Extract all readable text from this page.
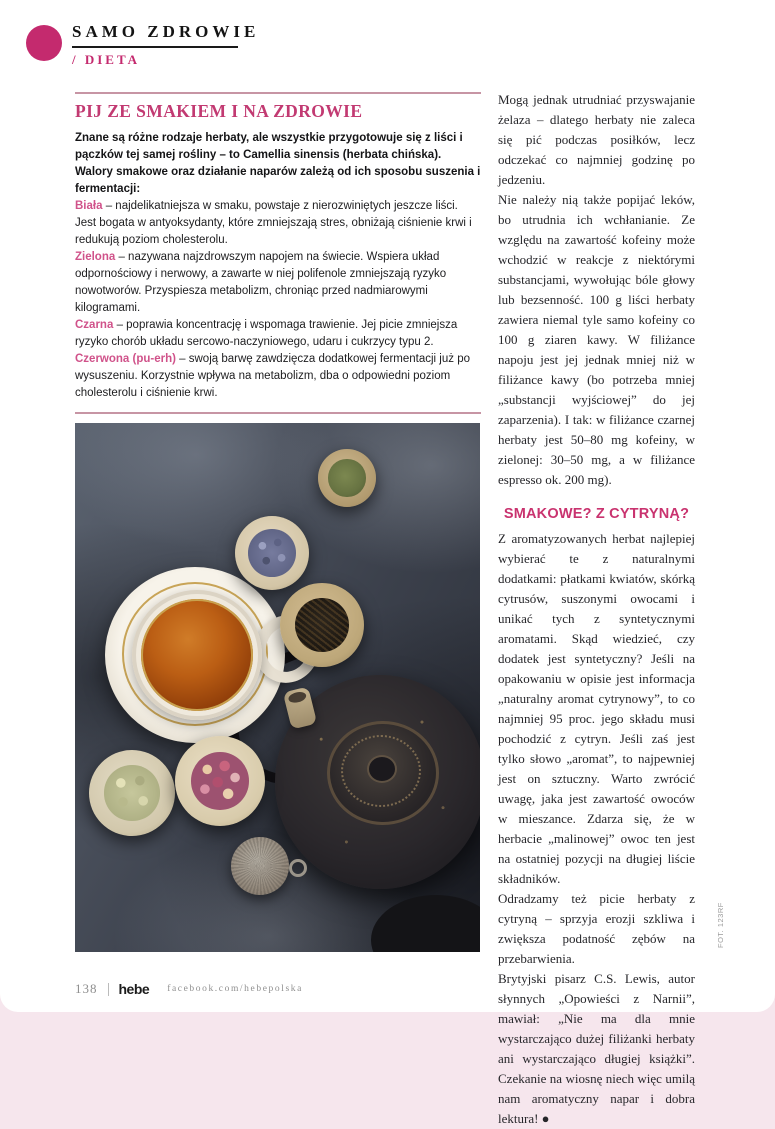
SAMO ZDROWIE
/ DIETA
PIJ ZE SMAKIEM I NA ZDROWIE

Znane są różne rodzaje herbaty, ale wszystkie przygotowuje się z liści i pączków tej samej rośliny – to Camellia sinensis (herbata chińska). Walory smakowe oraz działanie naparów zależą od ich sposobu suszenia i fermentacji:

Biała – najdelikatniejsza w smaku, powstaje z nierozwiniętych jeszcze liści. Jest bogata w antyoksydanty, które zmniejszają stres, obniżają ciśnienie krwi i redukują poziom cholesterolu.

Zielona – nazywana najzdrowszym napojem na świecie. Wspiera układ odpornościowy i nerwowy, a zawarte w niej polifenole zmniejszają ryzyko nowotworów. Przyspiesza metabolizm, chroniąc przed nadmiarowymi kilogramami.

Czarna – poprawia koncentrację i wspomaga trawienie. Jej picie zmniejsza ryzyko chorób układu sercowo-naczyniowego, udaru i cukrzycy typu 2.

Czerwona (pu-erh) – swoją barwę zawdzięcza dodatkowej fermentacji już po wysuszeniu. Korzystnie wpływa na metabolizm, dba o odpowiedni poziom cholesterolu i ciśnienie krwi.

Mogą jednak utrudniać przyswajanie żelaza – dlatego herbaty nie zaleca się pić podczas posiłków, lecz odczekać co najmniej godzinę po jedzeniu.

Nie należy nią także popijać leków, bo utrudnia ich wchłanianie. Ze względu na zawartość kofeiny może wchodzić w reakcje z niektórymi substancjami, wywołując bóle głowy lub bezsenność. 100 g liści herbaty zawiera niemal tyle samo kofeiny co 100 g ziaren kawy. W filiżance napoju jest jej jednak mniej niż w filiżance kawy (bo potrzeba mniej „substancji wyjściowej” do jej zaparzenia). I tak: w filiżance czarnej herbaty jest 50–80 mg kofeiny, w zielonej: 30–50 mg, a w filiżance espresso ok. 200 mg).

SMAKOWE? Z CYTRYNĄ?

Z aromatyzowanych herbat najlepiej wybierać te z naturalnymi dodatkami: płatkami kwiatów, skórką cytrusów, suszonymi owocami i unikać tych z syntetycznymi aromatami. Skąd wiedzieć, czy dodatek jest syntetyczny? Jeśli na opakowaniu w opisie jest informacja „naturalny aromat cytrynowy”, to co najmniej 95 proc. jego składu musi pochodzić z cytryn. Jeśli zaś jest tylko słowo „aromat”, to najpewniej jest on sztuczny. Warto zwrócić uwagę, jaka jest zawartość owoców w mieszance. Zdarza się, że w herbacie „malinowej” owoc ten jest na ostatniej pozycji na długiej liście składników.

Odradzamy też picie herbaty z cytryną – sprzyja erozji szkliwa i zwiększa podatność zębów na przebarwienia.

Brytyjski pisarz C.S. Lewis, autor słynnych „Opowieści z Narnii”, mawiał: „Nie ma dla mnie wystarczająco dużej filiżanki herbaty ani wystarczająco długiej książki”. Czekanie na wiosnę niech więc umilą nam aromatyczny napar i dobra lektura! ●

FOT. 123RF
138 hebe facebook.com/hebepolska
